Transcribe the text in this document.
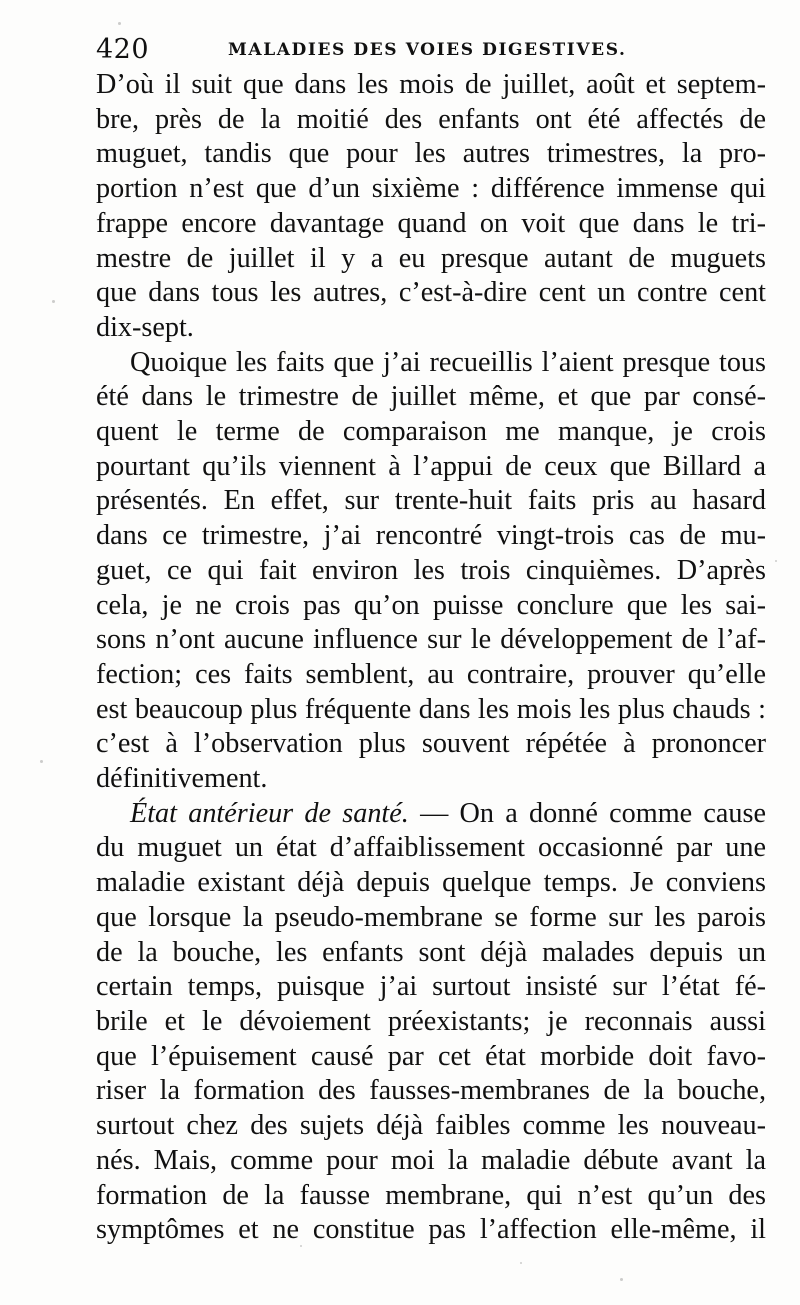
420	MALADIES DES VOIES DIGESTIVES.
D’où il suit que dans les mois de juillet, août et septem-
bre, près de la moitié des enfants ont été affectés de
muguet, tandis que pour les autres trimestres, la pro-
portion n’est que d’un sixième : différence immense qui
frappe encore davantage quand on voit que dans le tri-
mestre de juillet il y a eu presque autant de muguets
que dans tous les autres, c’est-à-dire cent un contre cent
dix-sept.
Quoique les faits que j’ai recueillis l’aient presque tous
été dans le trimestre de juillet même, et que par consé-
quent le terme de comparaison me manque, je crois
pourtant qu’ils viennent à l’appui de ceux que Billard a
présentés. En effet, sur trente-huit faits pris au hasard
dans ce trimestre, j’ai rencontré vingt-trois cas de mu-
guet, ce qui fait environ les trois cinquièmes. D’après
cela, je ne crois pas qu’on puisse conclure que les sai-
sons n’ont aucune influence sur le développement de l’af-
fection; ces faits semblent, au contraire, prouver qu’elle
est beaucoup plus fréquente dans les mois les plus chauds :
c’est à l’observation plus souvent répétée à prononcer
définitivement.
État antérieur de santé. — On a donné comme cause
du muguet un état d’affaiblissement occasionné par une
maladie existant déjà depuis quelque temps. Je conviens
que lorsque la pseudo-membrane se forme sur les parois
de la bouche, les enfants sont déjà malades depuis un
certain temps, puisque j’ai surtout insisté sur l’état fé-
brile et le dévoiement préexistants; je reconnais aussi
que l’épuisement causé par cet état morbide doit favo-
riser la formation des fausses-membranes de la bouche,
surtout chez des sujets déjà faibles comme les nouveau-
nés. Mais, comme pour moi la maladie débute avant la
formation de la fausse membrane, qui n’est qu’un des
symptômes et ne constitue pas l’affection elle-même, il
